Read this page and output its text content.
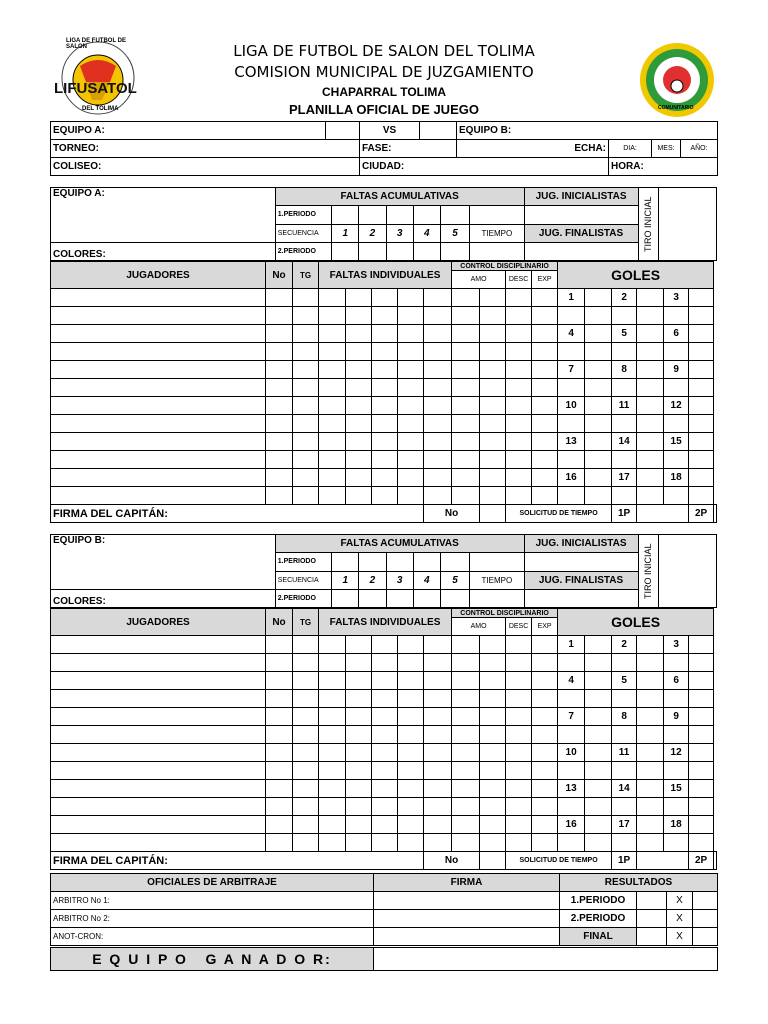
LIGA DE FUTBOL DE SALON
LIFUSATOL
DEL TOLIMA	COMUNITARIO
LIGA DE FUTBOL DE SALON DEL TOLIMA
COMISION MUNICIPAL DE JUZGAMIENTO
CHAPARRAL TOLIMA
PLANILLA OFICIAL DE JUEGO
EQUIPO A:		VS		EQUIPO B:			
TORNEO:		FASE:		ECHA:	DIA:	MES:	AÑO:
COLISEO:		CIUDAD:			HORA:		
EQUIPO A:	FALTAS ACUMULATIVAS							JUG. INICIALISTAS	TIRO INICIAL	

	1.PERIODO									
	SECUENCIA	1	2	3	4	5	TIEMPO	JUG. FINALISTAS		
COLORES:	2.PERIODO									
JUGADORES	No	TG	FALTAS INDIVIDUALES					CONTROL DISCIPLINARIO				GOLES						
								AMO		DESC	EXP							
												1		2		3		

												4		5		6		

												7		8		9		

												10		11		12		

												13		14		15		

												16		17		18		

FIRMA DEL CAPITÁN:							No			SOLICITUD DE TIEMPO				1P			2P	
EQUIPO B:	FALTAS ACUMULATIVAS							JUG. INICIALISTAS	TIRO INICIAL	

	1.PERIODO									
	SECUENCIA	1	2	3	4	5	TIEMPO	JUG. FINALISTAS		
COLORES:	2.PERIODO									
JUGADORES	No	TG	FALTAS INDIVIDUALES					CONTROL DISCIPLINARIO				GOLES						
								AMO		DESC	EXP							
												1		2		3		

												4		5		6		

												7		8		9		

												10		11		12		

												13		14		15		

												16		17		18		

FIRMA DEL CAPITÁN:							No			SOLICITUD DE TIEMPO				1P			2P	
OFICIALES DE ARBITRAJE	FIRMA	RESULTADOS
ARBITRO No 1:		1.PERIODO		X	
ARBITRO No 2:		2.PERIODO		X	
ANOT-CRON:		FINAL		X	
E Q U I P O   G A N A D O R:	
